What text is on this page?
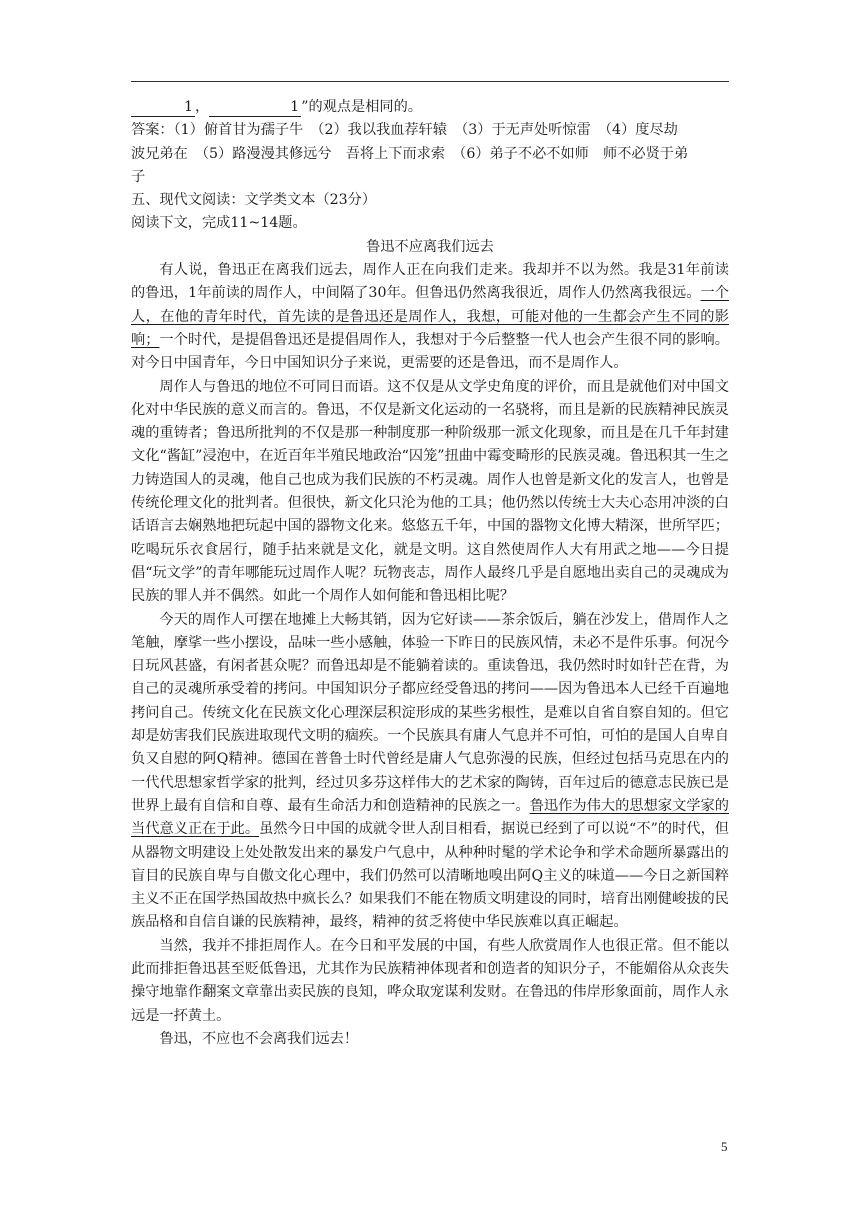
1 ，	1 ”的观点是相同的。

答案：（1）俯首甘为孺子牛　（2）我以我血荐轩辕　（3）于无声处听惊雷　（4）度尽劫

波兄弟在　（5）路漫漫其修远兮　吾将上下而求索　（6）弟子不必不如师　师不必贤于弟

子

五、现代文阅读：文学类文本（23分）

阅读下文，完成11~14题。

鲁迅不应离我们远去

有人说，鲁迅正在离我们远去，周作人正在向我们走来。我却并不以为然。我是31年前读的鲁迅，1年前读的周作人，中间隔了30年。但鲁迅仍然离我很近，周作人仍然离我很远。一个人，在他的青年时代，首先读的是鲁迅还是周作人，我想，可能对他的一生都会产生不同的影响；一个时代，是提倡鲁迅还是提倡周作人，我想对于今后整整一代人也会产生很不同的影响。对今日中国青年，今日中国知识分子来说，更需要的还是鲁迅，而不是周作人。

周作人与鲁迅的地位不可同日而语。这不仅是从文学史角度的评价，而且是就他们对中国文化对中华民族的意义而言的。鲁迅，不仅是新文化运动的一名骁将，而且是新的民族精神民族灵魂的重铸者；鲁迅所批判的不仅是那一种制度那一种阶级那一派文化现象，而且是在几千年封建文化“酱缸”浸泡中，在近百年半殖民地政治“囚笼”扭曲中霉变畸形的民族灵魂。鲁迅积其一生之力铸造国人的灵魂，他自己也成为我们民族的不朽灵魂。周作人也曾是新文化的发言人，也曾是传统伦理文化的批判者。但很快，新文化只沦为他的工具；他仍然以传统士大夫心态用冲淡的白话语言去娴熟地把玩起中国的器物文化来。悠悠五千年，中国的器物文化博大精深，世所罕匹；吃喝玩乐衣食居行，随手拈来就是文化，就是文明。这自然使周作人大有用武之地——今日提倡“玩文学”的青年哪能玩过周作人呢？玩物丧志，周作人最终几乎是自愿地出卖自己的灵魂成为民族的罪人并不偶然。如此一个周作人如何能和鲁迅相比呢？

今天的周作人可摆在地摊上大畅其销，因为它好读——茶余饭后，躺在沙发上，借周作人之笔触，摩挲一些小摆设，品味一些小感触，体验一下昨日的民族风情，未必不是件乐事。何况今日玩风甚盛，有闲者甚众呢？而鲁迅却是不能躺着读的。重读鲁迅，我仍然时时如针芒在背，为自己的灵魂所承受着的拷问。中国知识分子都应经受鲁迅的拷问——因为鲁迅本人已经千百遍地拷问自己。传统文化在民族文化心理深层积淀形成的某些劣根性，是难以自省自察自知的。但它却是妨害我们民族进取现代文明的痼疾。一个民族具有庸人气息并不可怕，可怕的是国人自卑自负又自慰的阿Q精神。德国在普鲁士时代曾经是庸人气息弥漫的民族，但经过包括马克思在内的一代代思想家哲学家的批判，经过贝多芬这样伟大的艺术家的陶铸，百年过后的德意志民族已是世界上最有自信和自尊、最有生命活力和创造精神的民族之一。鲁迅作为伟大的思想家文学家的当代意义正在于此。虽然今日中国的成就令世人刮目相看，据说已经到了可以说“不”的时代，但从器物文明建设上处处散发出来的暴发户气息中，从种种时髦的学术论争和学术命题所暴露出的盲目的民族自卑与自傲文化心理中，我们仍然可以清晰地嗅出阿Q主义的味道——今日之新国粹主义不正在国学热国故热中疯长么？如果我们不能在物质文明建设的同时，培育出刚健峻拔的民族品格和自信自谦的民族精神，最终，精神的贫乏将使中华民族难以真正崛起。

当然，我并不排拒周作人。在今日和平发展的中国，有些人欣赏周作人也很正常。但不能以此而排拒鲁迅甚至贬低鲁迅，尤其作为民族精神体现者和创造者的知识分子，不能媚俗从众丧失操守地靠作翻案文章靠出卖民族的良知，哗众取宠谋利发财。在鲁迅的伟岸形象面前，周作人永远是一抔黄土。

鲁迅，不应也不会离我们远去！

5
